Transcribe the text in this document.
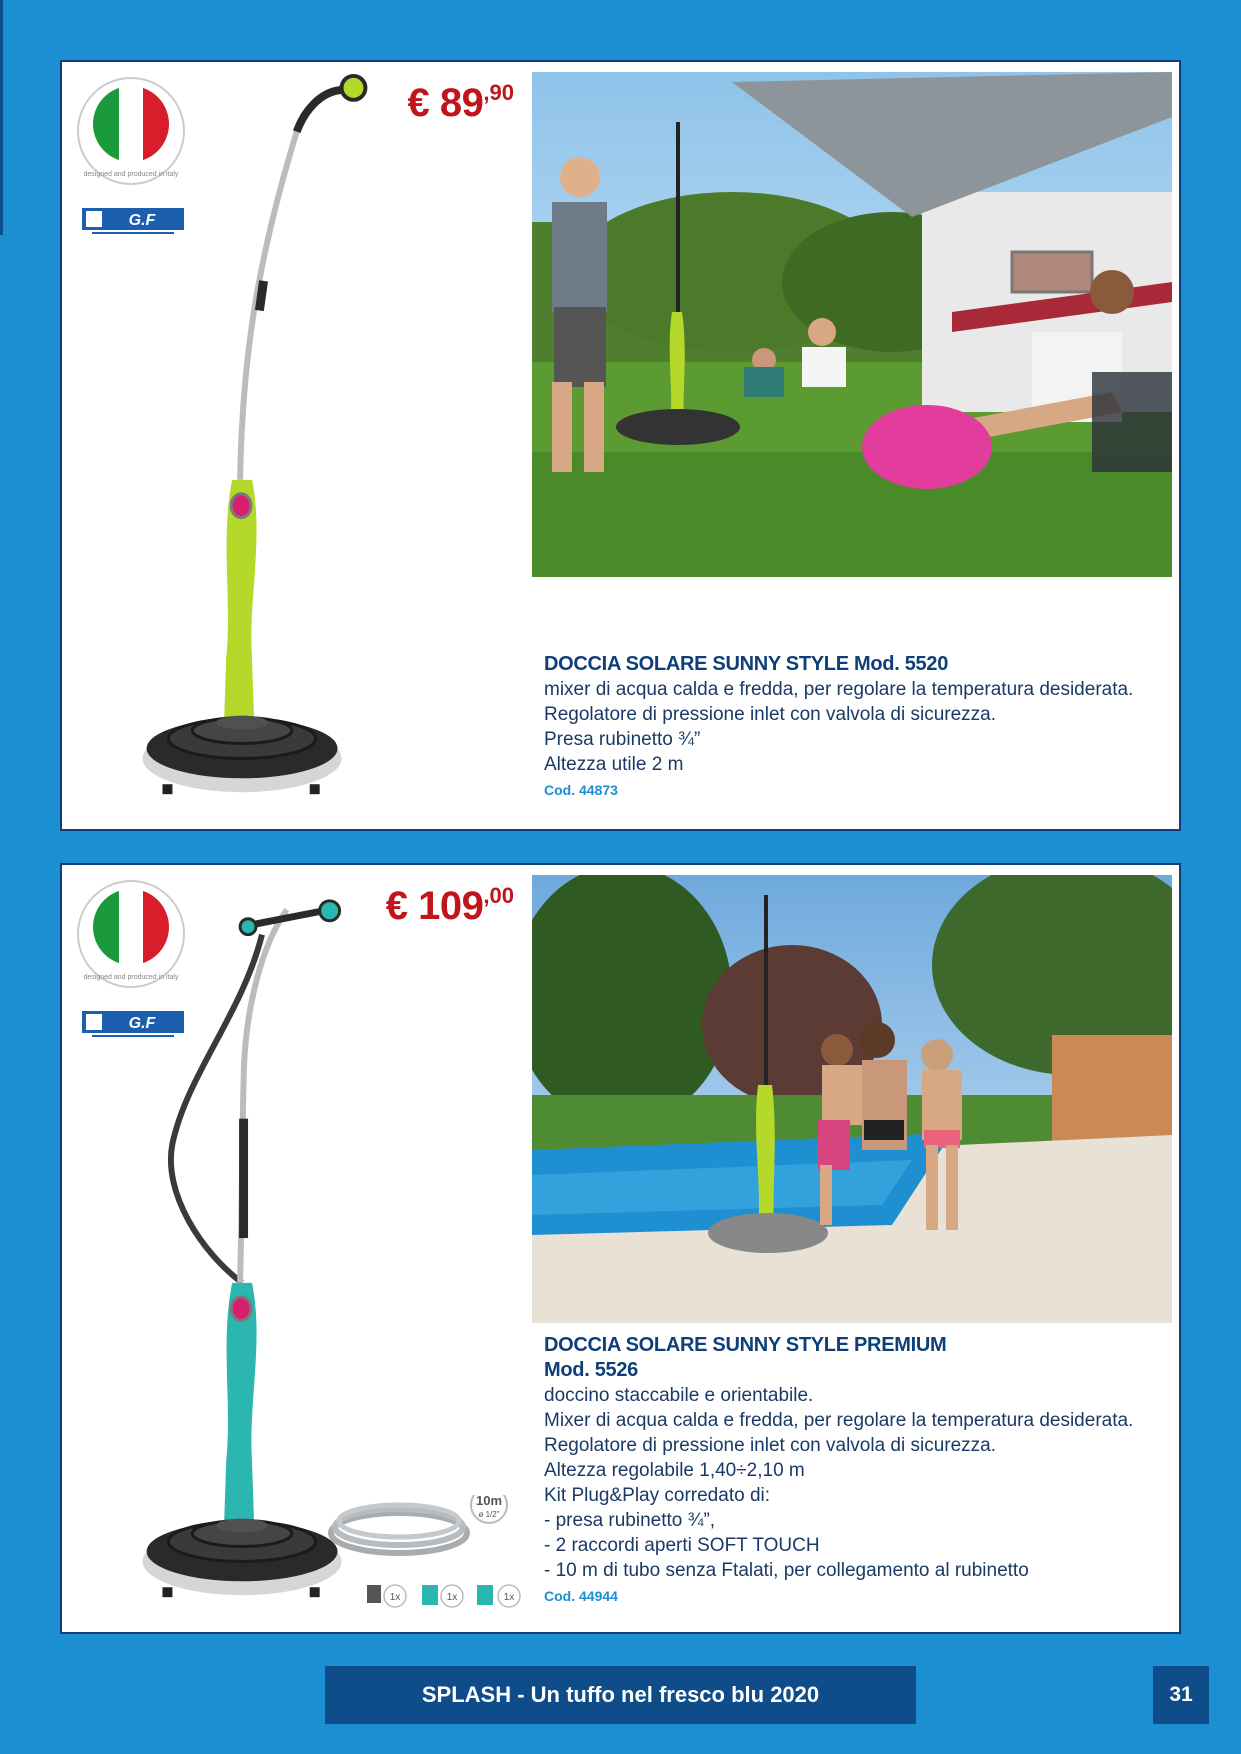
designed and produced in italy
G.F
€ 89,90
DOCCIA SOLARE SUNNY STYLE Mod. 5520

mixer di acqua calda e fredda, per regolare la temperatura desiderata.

Regolatore di pressione inlet con valvola di sicurezza.

Presa rubinetto ¾”

Altezza utile 2 m

Cod. 44873
designed and produced in italy
G.F
€ 109,00
10m
ø 1/2"
1x	1x	1x
DOCCIA SOLARE SUNNY STYLE PREMIUM
Mod. 5526

doccino staccabile e orientabile.

Mixer di acqua calda e fredda, per regolare la temperatura desiderata.

Regolatore di pressione inlet con valvola di sicurezza.

Altezza regolabile 1,40÷2,10 m

Kit Plug&Play corredato di:

- presa rubinetto ¾”,

- 2 raccordi aperti SOFT TOUCH

- 10 m di tubo senza Ftalati, per collegamento al rubinetto

Cod. 44944
SPLASH - Un tuffo nel fresco blu 2020	31
